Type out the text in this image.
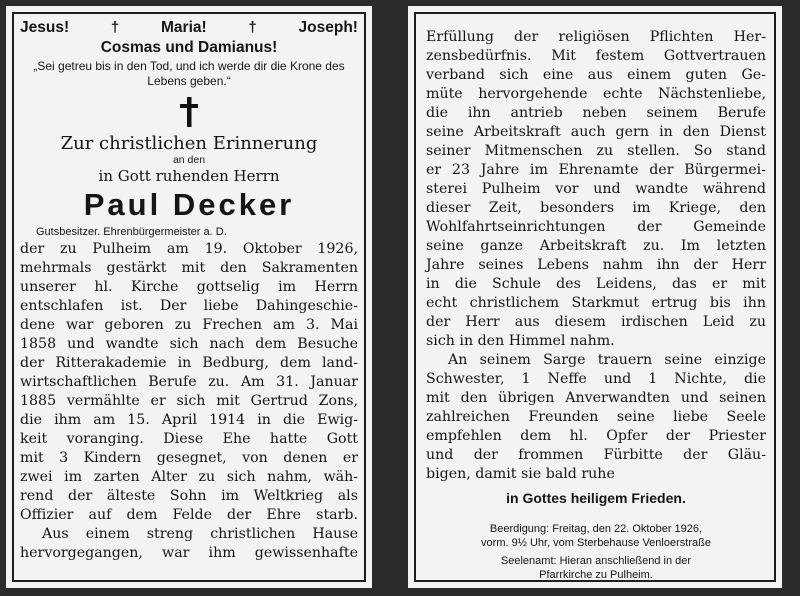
Jesus!	†	Maria!	†	Joseph!
Cosmas und Damianus!
„Sei getreu bis in den Tod, und ich werde dir die Krone des Lebens geben.“
Zur christlichen Erinnerung
an den
in Gott ruhenden Herrn
Paul Decker
Gutsbesitzer. Ehrenbürgermeister a. D.
der zu Pulheim am 19. Oktober 1926,
mehrmals gestärkt mit den Sakramenten
unserer hl. Kirche gottselig im Herrn
entschlafen ist. Der liebe Dahingeschie-
dene war geboren zu Frechen am 3. Mai
1858 und wandte sich nach dem Besuche
der Ritterakademie in Bedburg, dem land-
wirtschaftlichen Berufe zu. Am 31. Januar
1885 vermählte er sich mit Gertrud Zons,
die ihm am 15. April 1914 in die Ewig-
keit voranging. Diese Ehe hatte Gott
mit 3 Kindern gesegnet, von denen er
zwei im zarten Alter zu sich nahm, wäh-
rend der älteste Sohn im Weltkrieg als
Offizier auf dem Felde der Ehre starb.
Aus einem streng christlichen Hause
hervorgegangen, war ihm gewissenhafte
Erfüllung der religiösen Pflichten Her-
zensbedürfnis. Mit festem Gottvertrauen
verband sich eine aus einem guten Ge-
müte hervorgehende echte Nächstenliebe,
die ihn antrieb neben seinem Berufe
seine Arbeitskraft auch gern in den Dienst
seiner Mitmenschen zu stellen. So stand
er 23 Jahre im Ehrenamte der Bürgermei-
sterei Pulheim vor und wandte während
dieser Zeit, besonders im Kriege, den
Wohlfahrtseinrichtungen der Gemeinde
seine ganze Arbeitskraft zu. Im letzten
Jahre seines Lebens nahm ihn der Herr
in die Schule des Leidens, das er mit
echt christlichem Starkmut ertrug bis ihn
der Herr aus diesem irdischen Leid zu
sich in den Himmel nahm.
An seinem Sarge trauern seine einzige
Schwester, 1 Neffe und 1 Nichte, die
mit den übrigen Anverwandten und seinen
zahlreichen Freunden seine liebe Seele
empfehlen dem hl. Opfer der Priester
und der frommen Fürbitte der Gläu-
bigen, damit sie bald ruhe
in Gottes heiligem Frieden.
Beerdigung: Freitag, den 22. Oktober 1926,
vorm. 9½ Uhr, vom Sterbehause Venloerstraße
Seelenamt: Hieran anschließend in der
Pfarrkirche zu Pulheim.
